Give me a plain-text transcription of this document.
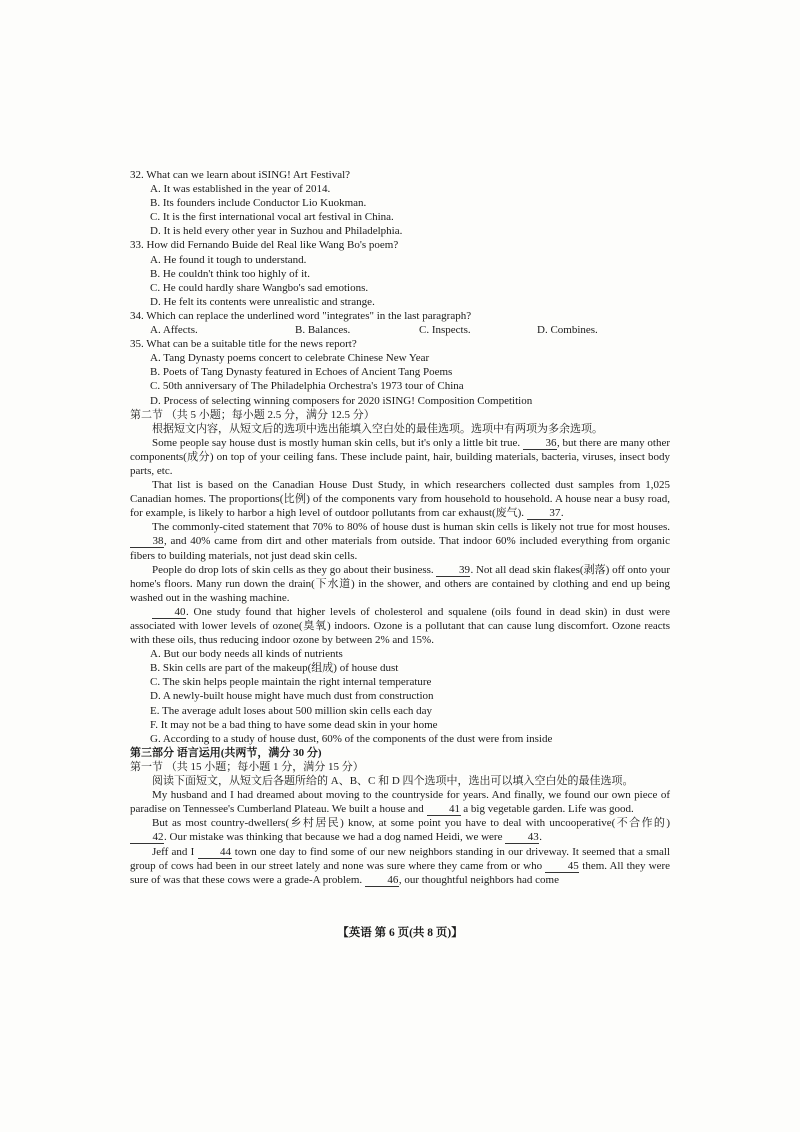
32. What can we learn about iSING! Art Festival?
A. It was established in the year of 2014.
B. Its founders include Conductor Lio Kuokman.
C. It is the first international vocal art festival in China.
D. It is held every other year in Suzhou and Philadelphia.
33. How did Fernando Buide del Real like Wang Bo's poem?
A. He found it tough to understand.
B. He couldn't think too highly of it.
C. He could hardly share Wangbo's sad emotions.
D. He felt its contents were unrealistic and strange.
34. Which can replace the underlined word "integrates" in the last paragraph?
A. Affects.	B. Balances.	C. Inspects.	D. Combines.
35. What can be a suitable title for the news report?
A. Tang Dynasty poems concert to celebrate Chinese New Year
B. Poets of Tang Dynasty featured in Echoes of Ancient Tang Poems
C. 50th anniversary of The Philadelphia Orchestra's 1973 tour of China
D. Process of selecting winning composers for 2020 iSING! Composition Competition
第二节 （共 5 小题；每小题 2.5 分，满分 12.5 分）
根据短文内容，从短文后的选项中选出能填入空白处的最佳选项。选项中有两项为多余选项。

Some people say house dust is mostly human skin cells, but it's only a little bit true. 36, but there are many other components(成分) on top of your ceiling fans. These include paint, hair, building materials, bacteria, viruses, insect body parts, etc.

That list is based on the Canadian House Dust Study, in which researchers collected dust samples from 1,025 Canadian homes. The proportions(比例) of the components vary from household to household. A house near a busy road, for example, is likely to harbor a high level of outdoor pollutants from car exhaust(废气). 37.

The commonly-cited statement that 70% to 80% of house dust is human skin cells is likely not true for most houses. 38, and 40% came from dirt and other materials from outside. That indoor 60% included everything from organic fibers to building materials, not just dead skin cells.

People do drop lots of skin cells as they go about their business. 39. Not all dead skin flakes(剥落) off onto your home's floors. Many run down the drain(下水道) in the shower, and others are contained by clothing and end up being washed out in the washing machine.

40. One study found that higher levels of cholesterol and squalene (oils found in dead skin) in dust were associated with lower levels of ozone(臭氧) indoors. Ozone is a pollutant that can cause lung discomfort. Ozone reacts with these oils, thus reducing indoor ozone by between 2% and 15%.

A. But our body needs all kinds of nutrients
B. Skin cells are part of the makeup(组成) of house dust
C. The skin helps people maintain the right internal temperature
D. A newly-built house might have much dust from construction
E. The average adult loses about 500 million skin cells each day
F. It may not be a bad thing to have some dead skin in your home
G. According to a study of house dust, 60% of the components of the dust were from inside
第三部分 语言运用(共两节，满分 30 分)
第一节 （共 15 小题；每小题 1 分，满分 15 分）
阅读下面短文，从短文后各题所给的 A、B、C 和 D 四个选项中，选出可以填入空白处的最佳选项。

My husband and I had dreamed about moving to the countryside for years. And finally, we found our own piece of paradise on Tennessee's Cumberland Plateau. We built a house and 41 a big vegetable garden. Life was good.

But as most country-dwellers(乡村居民) know, at some point you have to deal with uncooperative(不合作的) 42. Our mistake was thinking that because we had a dog named Heidi, we were 43.

Jeff and I 44 town one day to find some of our new neighbors standing in our driveway. It seemed that a small group of cows had been in our street lately and none was sure where they came from or who 45 them. All they were sure of was that these cows were a grade-A problem. 46, our thoughtful neighbors had come

【英语 第 6 页(共 8 页)】
